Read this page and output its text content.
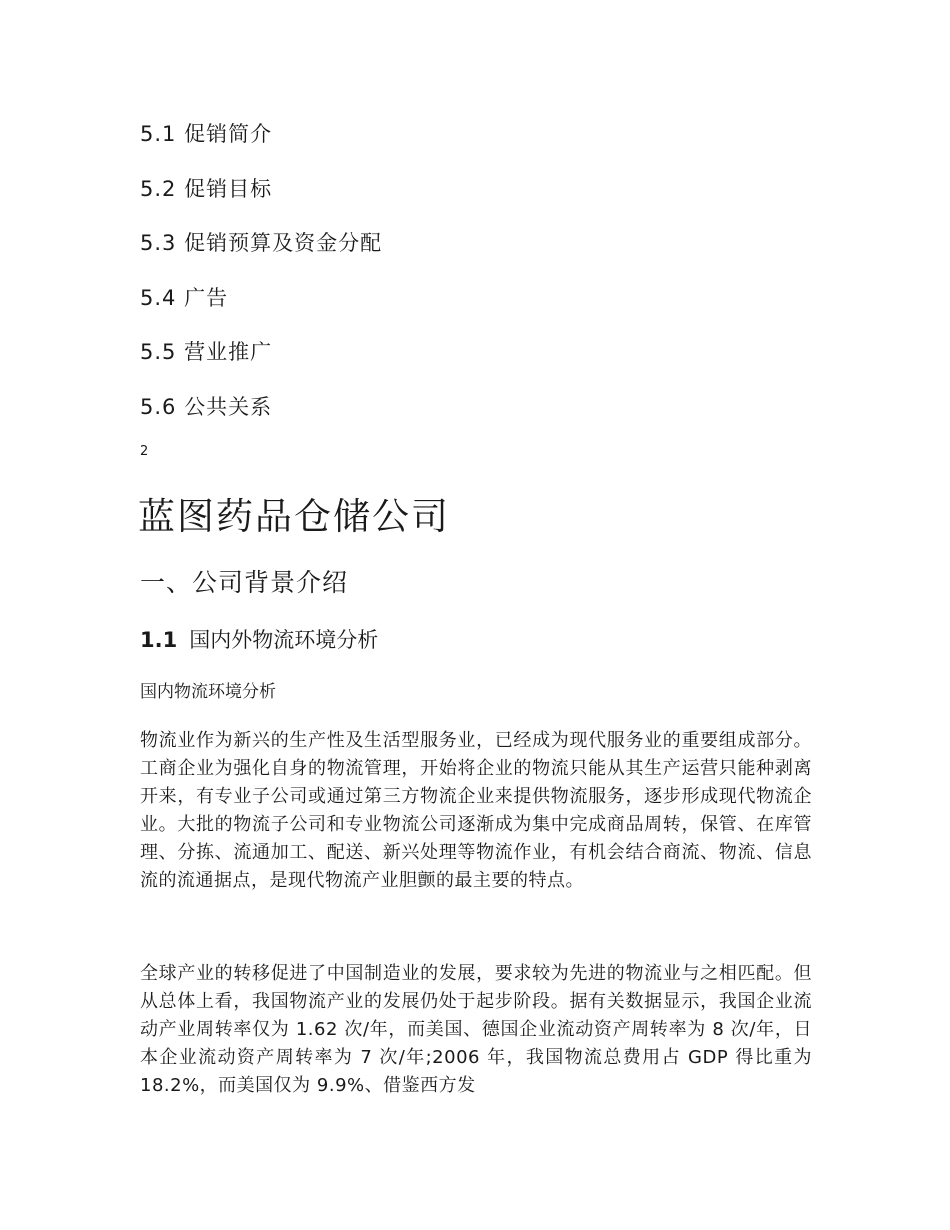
5.1 促销简介
5.2 促销目标
5.3 促销预算及资金分配
5.4 广告
5.5 营业推广
5.6 公共关系
2
蓝图药品仓储公司
一、公司背景介绍
1.1 国内外物流环境分析
国内物流环境分析

物流业作为新兴的生产性及生活型服务业，已经成为现代服务业的重要组成部分。工商企业为强化自身的物流管理，开始将企业的物流只能从其生产运营只能种剥离开来，有专业子公司或通过第三方物流企业来提供物流服务，逐步形成现代物流企业。大批的物流子公司和专业物流公司逐渐成为集中完成商品周转，保管、在库管理、分拣、流通加工、配送、新兴处理等物流作业，有机会结合商流、物流、信息流的流通据点，是现代物流产业胆颤的最主要的特点。

全球产业的转移促进了中国制造业的发展，要求较为先进的物流业与之相匹配。但从总体上看，我国物流产业的发展仍处于起步阶段。据有关数据显示，我国企业流动产业周转率仅为 1.62 次/年，而美国、德国企业流动资产周转率为 8 次/年，日本企业流动资产周转率为 7 次/年;2006 年，我国物流总费用占 GDP 得比重为 18.2%，而美国仅为 9.9%、借鉴西方发
